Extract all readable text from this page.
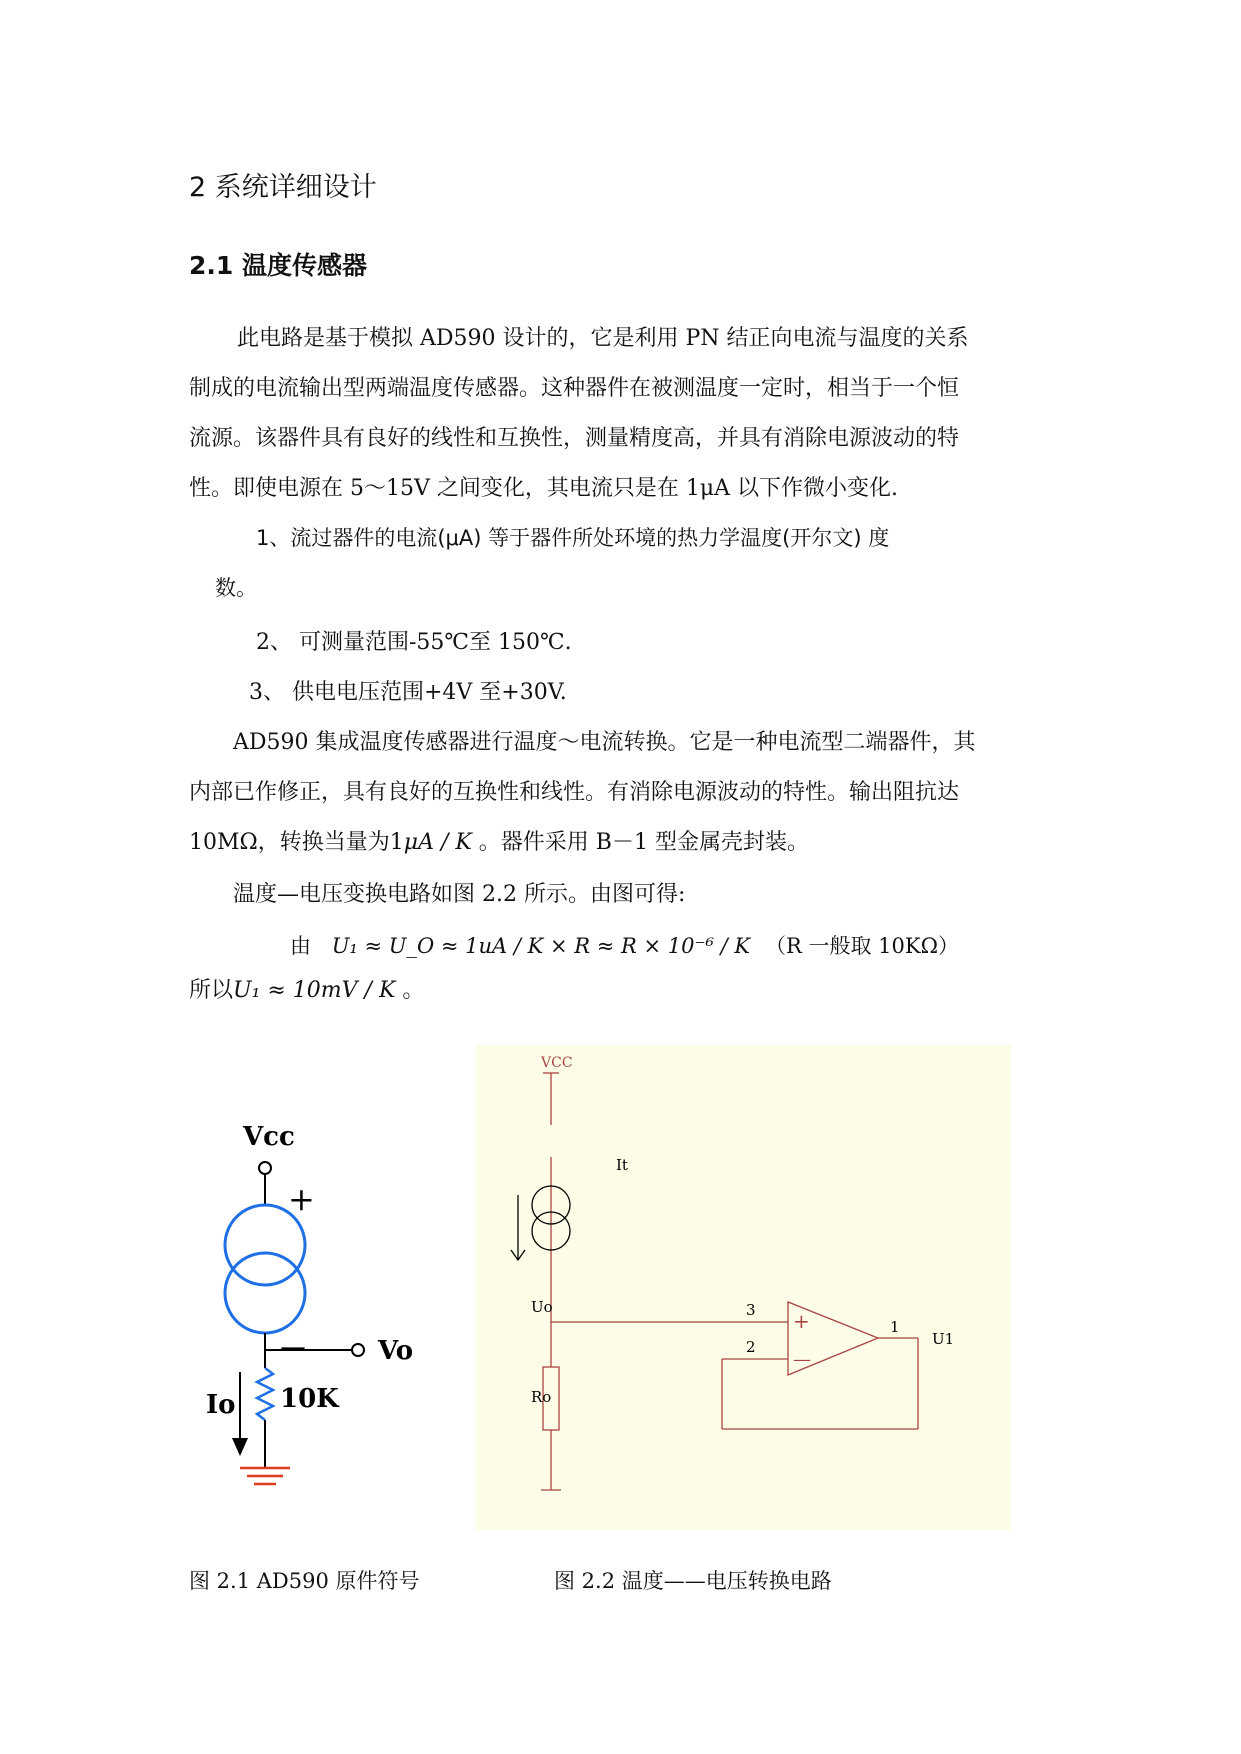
2 系统详细设计
2.1 温度传感器
此电路是基于模拟 AD590 设计的，它是利用 PN 结正向电流与温度的关系
制成的电流输出型两端温度传感器。这种器件在被测温度一定时，相当于一个恒
流源。该器件具有良好的线性和互换性，测量精度高，并具有消除电源波动的特
性。即使电源在 5～15V 之间变化，其电流只是在 1μA 以下作微小变化.
1、流过器件的电流(μA) 等于器件所处环境的热力学温度(开尔文) 度
数。
2、 可测量范围-55℃至 150℃.
3、 供电电压范围+4V 至+30V.
AD590 集成温度传感器进行温度～电流转换。它是一种电流型二端器件，其
内部已作修正，具有良好的互换性和线性。有消除电源波动的特性。输出阻抗达
10MΩ，转换当量为1μA / K 。器件采用 B－1 型金属壳封装。
温度—电压变换电路如图 2.2 所示。由图可得:
由 U₁ ≈ U_O ≈ 1uA / K × R ≈ R × 10⁻⁶ / K （R 一般取 10KΩ）
所以U₁ ≈ 10mV / K 。
Vcc
+
—	Vo
10K
Io
VCC
It
Uo
Ro
3
2
1
U1
+
—
图 2.1 AD590 原件符号	图 2.2 温度——电压转换电路
